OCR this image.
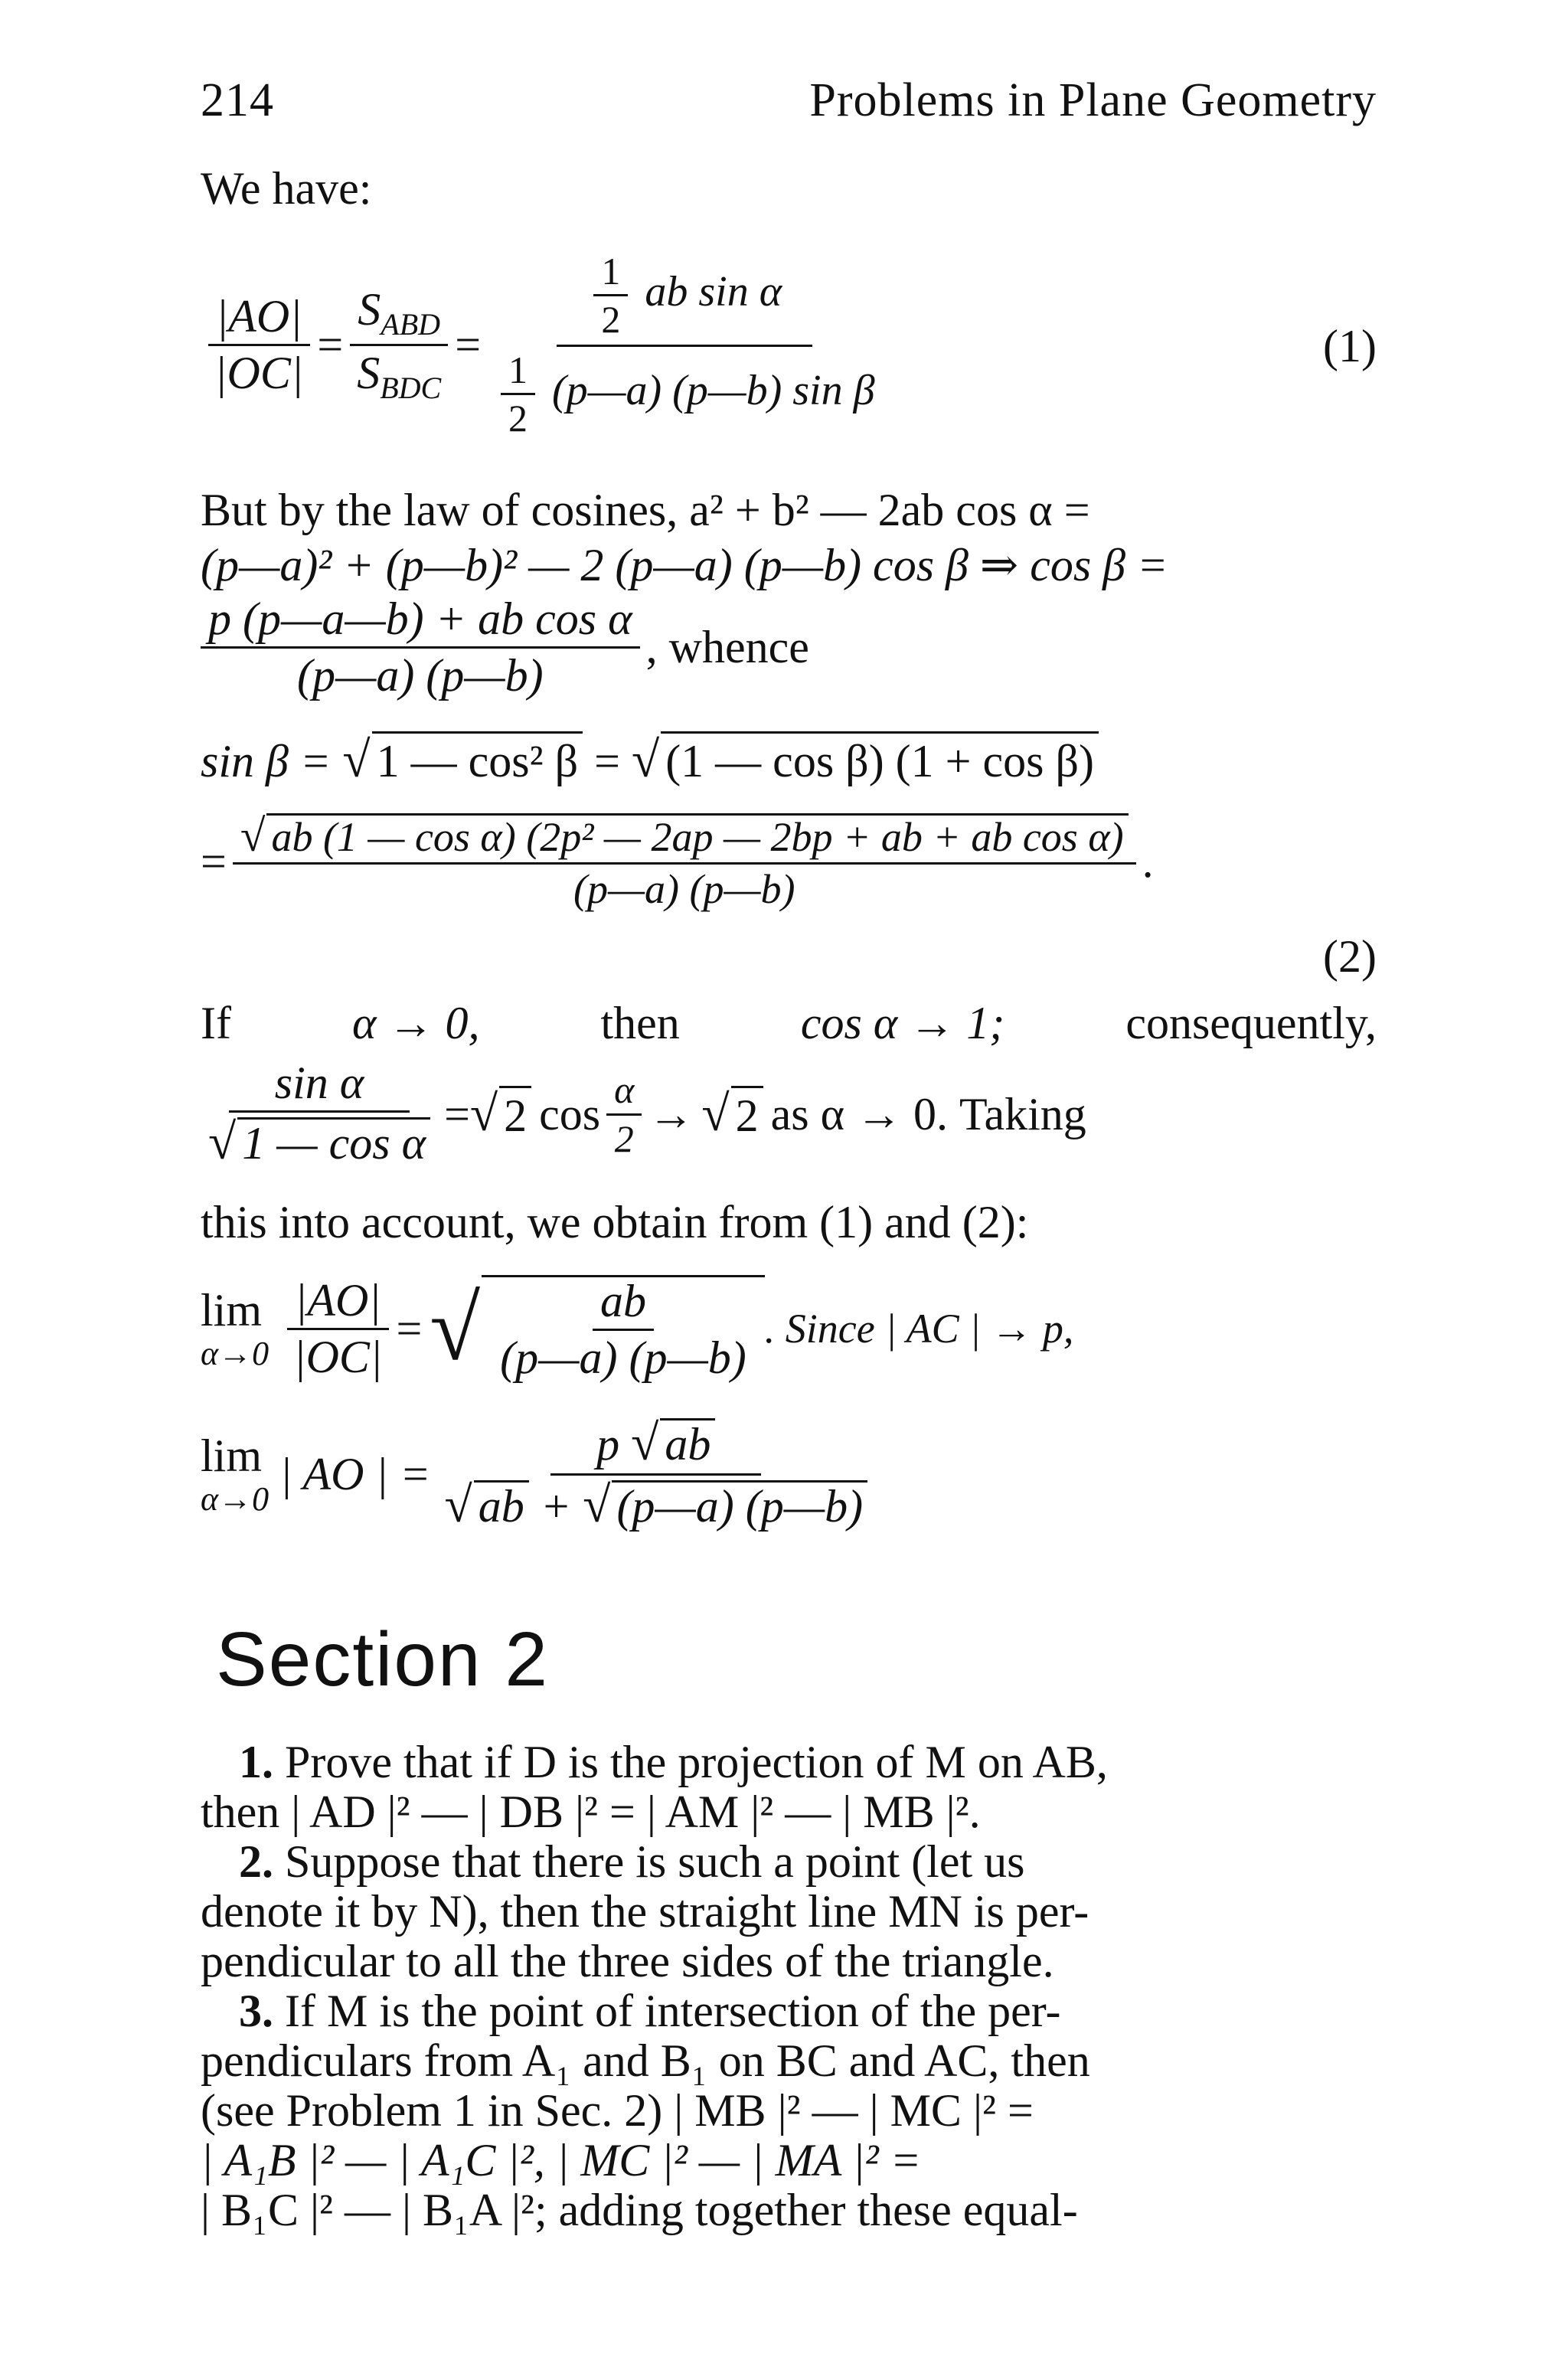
214	Problems in Plane Geometry
We have:
$\frac{|AO|}{|OC|} = \frac{S_{ABD}}{S_{BDC}} = \frac{\frac{1}{2} ab \sin \alpha}{\frac{1}{2} (p—a) (p—b) \sin \beta}$	(1)
But by the law of cosines, a² + b² — 2ab cos α =
(p—a)² + (p—b)² — 2 (p—a) (p—b) cos β ⇒ cos β =
$\frac{\text{p (p—a—b) + ab cos α}}{(p—a) (p—b)}$ , whence
sin β = √ 1 — cos² β = √ (1 — cos β) (1 + cos β)
= $\frac{\text{√ ab (1 — cos α) (2p² — 2ap — 2bp + ab + ab cos α)}}{(p—a) (p—b)}$ .
(2)
If	α → 0,	then	cos α → 1;	consequently,
$\frac{\text{sin α}}{\text{√ 1 — cos α}}$ = √ 2 $\cos \frac{\alpha}{2}$ → √ 2 as α → 0. Taking
this into account, we obtain from (1) and (2):
lim
$\alpha\to 0 \frac{|AO|}{|OC|}$ = √ $\frac{ab}{(p—a) (p—b)}$ . Since | AC | → p,
lim
α→0 | AO | = $\frac{p √ ab}{√ ab + √ (p—a) (p—b)}$
Section 2
1. Prove that if D is the projection of M on AB,
then | AD |² — | DB |² = | AM |² — | MB |².
2. Suppose that there is such a point (let us
denote it by N), then the straight line MN is per-
pendicular to all the three sides of the triangle.
3. If M is the point of intersection of the per-
pendiculars from A₁ and B₁ on BC and AC, then
(see Problem 1 in Sec. 2) | MB |² — | MC |² =
| A₁B |² — | A₁C |², | MC |² — | MA |² =
| B₁C |² — | B₁A |²; adding together these equal-
